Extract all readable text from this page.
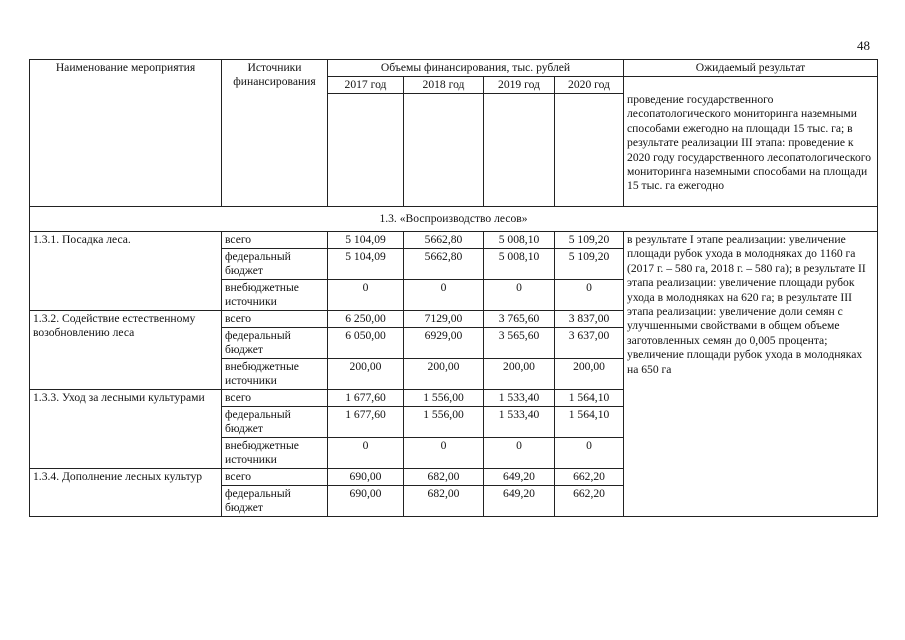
48
Наименование мероприятия	Источники финансирования	Объемы финансирования, тыс. рублей				Ожидаемый результат
		2017 год	2018 год	2019 год	2020 год	проведение государственного лесопатологического мониторинга наземными способами ежегодно на площади 15 тыс. га; в результате реализации III этапа: проведение к 2020 году государственного лесопатологического мониторинга наземными способами на площади 15 тыс. га ежегодно

1.3. «Воспроизводство лесов»						
1.3.1. Посадка леса.	всего	5 104,09	5662,80	5 008,10	5 109,20	в результате I этапе реализации: увеличение площади рубок ухода в молодняках до 1160 га (2017 г. – 580 га, 2018 г. – 580 га); в результате II этапа реализации: увеличение площади рубок ухода в молодняках на 620 га; в результате III этапа реализации: увеличение доли семян с улучшенными свойствами в общем объеме заготовленных семян до 0,005 процента; увеличение площади рубок ухода в молодняках на 650 га
	федеральный бюджет	5 104,09	5662,80	5 008,10	5 109,20	
	внебюджетные источники	0	0	0	0	
1.3.2. Содействие естественному возобновлению леса	всего	6 250,00	7129,00	3 765,60	3 837,00	
	федеральный бюджет	6 050,00	6929,00	3 565,60	3 637,00	
	внебюджетные источники	200,00	200,00	200,00	200,00	
1.3.3. Уход за лесными культурами	всего	1 677,60	1 556,00	1 533,40	1 564,10	
	федеральный бюджет	1 677,60	1 556,00	1 533,40	1 564,10	
	внебюджетные источники	0	0	0	0	
1.3.4. Дополнение лесных культур	всего	690,00	682,00	649,20	662,20	
	федеральный бюджет	690,00	682,00	649,20	662,20	
